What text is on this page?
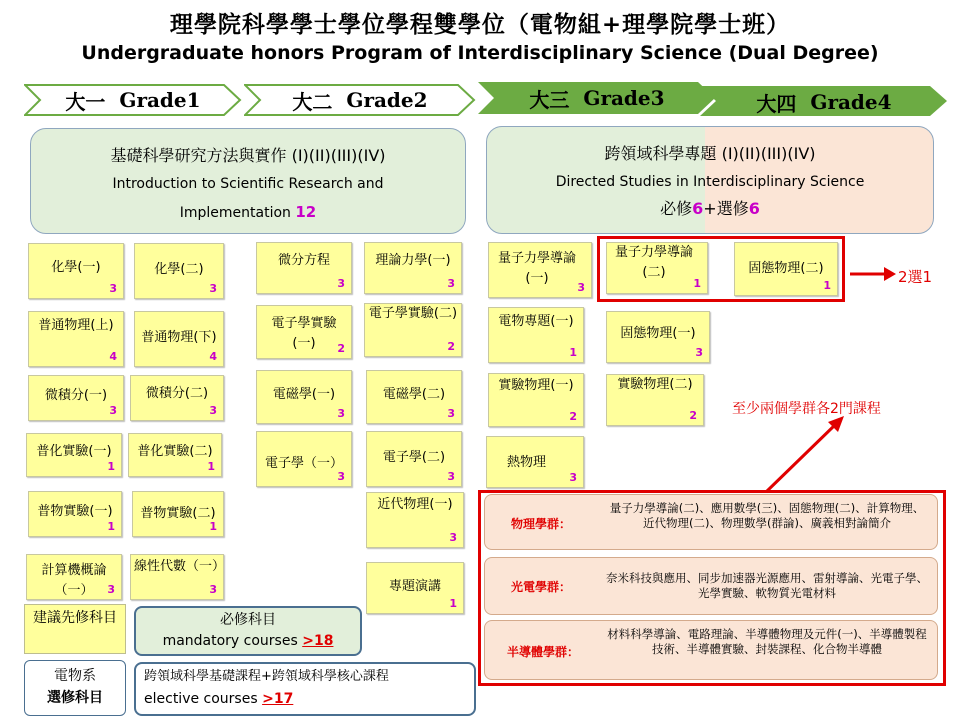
理學院科學學士學位學程雙學位（電物組+理學院學士班）
Undergraduate honors Program of Interdisciplinary Science (Dual Degree)
大一
Grade1	大二
Grade2	大三
Grade3	大四
Grade4
基礎科學研究方法與實作 (I)(II)(III)(IV)
Introduction to Scientific Research and
Implementation 12
跨領域科學專題 (I)(II)(III)(IV)
Directed Studies in Interdisciplinary Science
必修6+選修6
化學(一)
3
化學(二)
3
普通物理(上)
4
普通物理(下)
4
微積分(一)
3
微積分(二)
3
普化實驗(一)
1
普化實驗(二)
1
普物實驗(一)
1
普物實驗(二)
1
計算機概論（一）	3
線性代數（一）
3
微分方程
3
理論力學(一)
3
電子學實驗(一)	2
電子學實驗(二)
2
電磁學(一)
3
電磁學(二)
3
電子學（一）
3
電子學(二)
3
近代物理(一)
3
專題演講
1
量子力學導論(一)
3
電物專題(一)
1
實驗物理(一)
2
熱物理
3
量子力學導論(二)
1
固態物理(二)
1
固態物理(一)
3
實驗物理(二)
2
2選1
至少兩個學群各2門課程
物理學群：
量子力學導論(二)、應用數學(三)、固態物理(二)、計算物理、近代物理(二)、物理數學(群論)、廣義相對論簡介
光電學群：
奈米科技與應用、同步加速器光源應用、雷射導論、光電子學、光學實驗、軟物質光電材料
半導體學群：
材料科學導論、電路理論、半導體物理及元件(一)、半導體製程技術、半導體實驗、封裝課程、化合物半導體
建議先修科目	必修科目
mandatory courses >18
電物系
選修科目
跨領域科學基礎課程+跨領域科學核心課程
elective courses >17
